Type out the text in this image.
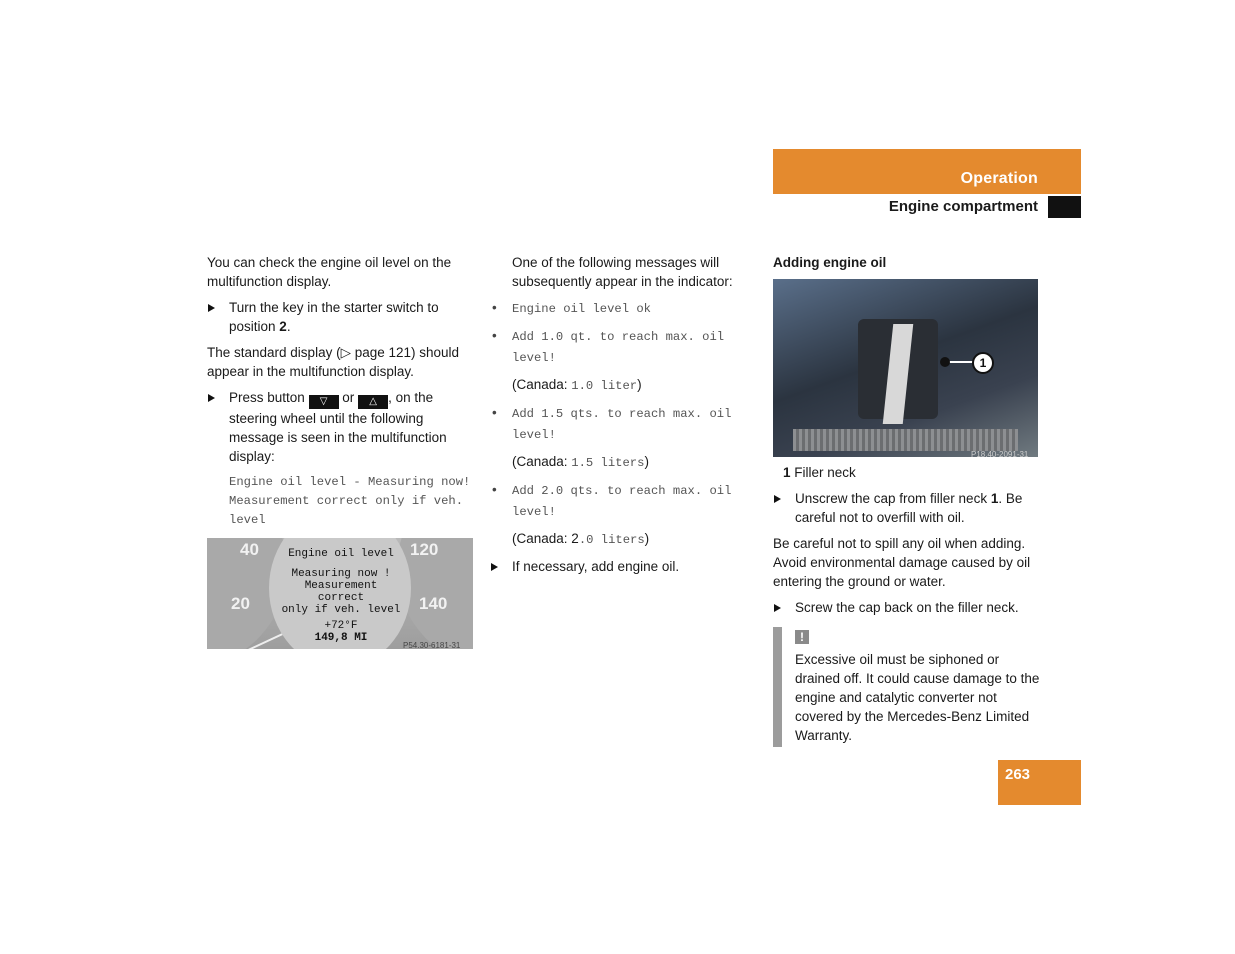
Operation
Engine compartment

You can check the engine oil level on the multifunction display.

Turn the key in the starter switch to position 2.

The standard display (▷ page 121) should appear in the multifunction display.

Press button ▽ or △ , on the steering wheel until the following message is seen in the multifunction display:
Engine oil level - Measuring now!
Measurement correct only if veh.
level
40
20
120
140
Engine oil level
Measuring now !
Measurement
correct
only if veh. level
+72°F
149,8 MI
P54.30-6181-31

One of the following messages will subsequently appear in the indicator:

• Engine oil level ok
• Add 1.0 qt. to reach max. oil level!

(Canada: 1.0 liter)

• Add 1.5 qts. to reach max. oil level!

(Canada: 1.5 liters)

• Add 2.0 qts. to reach max. oil level!

(Canada: 2.0 liters)

If necessary, add engine oil.
Adding engine oil
1
P18.40-2091-31

1 Filler neck

Unscrew the cap from filler neck 1. Be careful not to overfill with oil.

Be careful not to spill any oil when adding. Avoid environmental damage caused by oil entering the ground or water.

Screw the cap back on the filler neck.
!
Excessive oil must be siphoned or drained off. It could cause damage to the engine and catalytic converter not covered by the Mercedes-Benz Limited Warranty.
263
